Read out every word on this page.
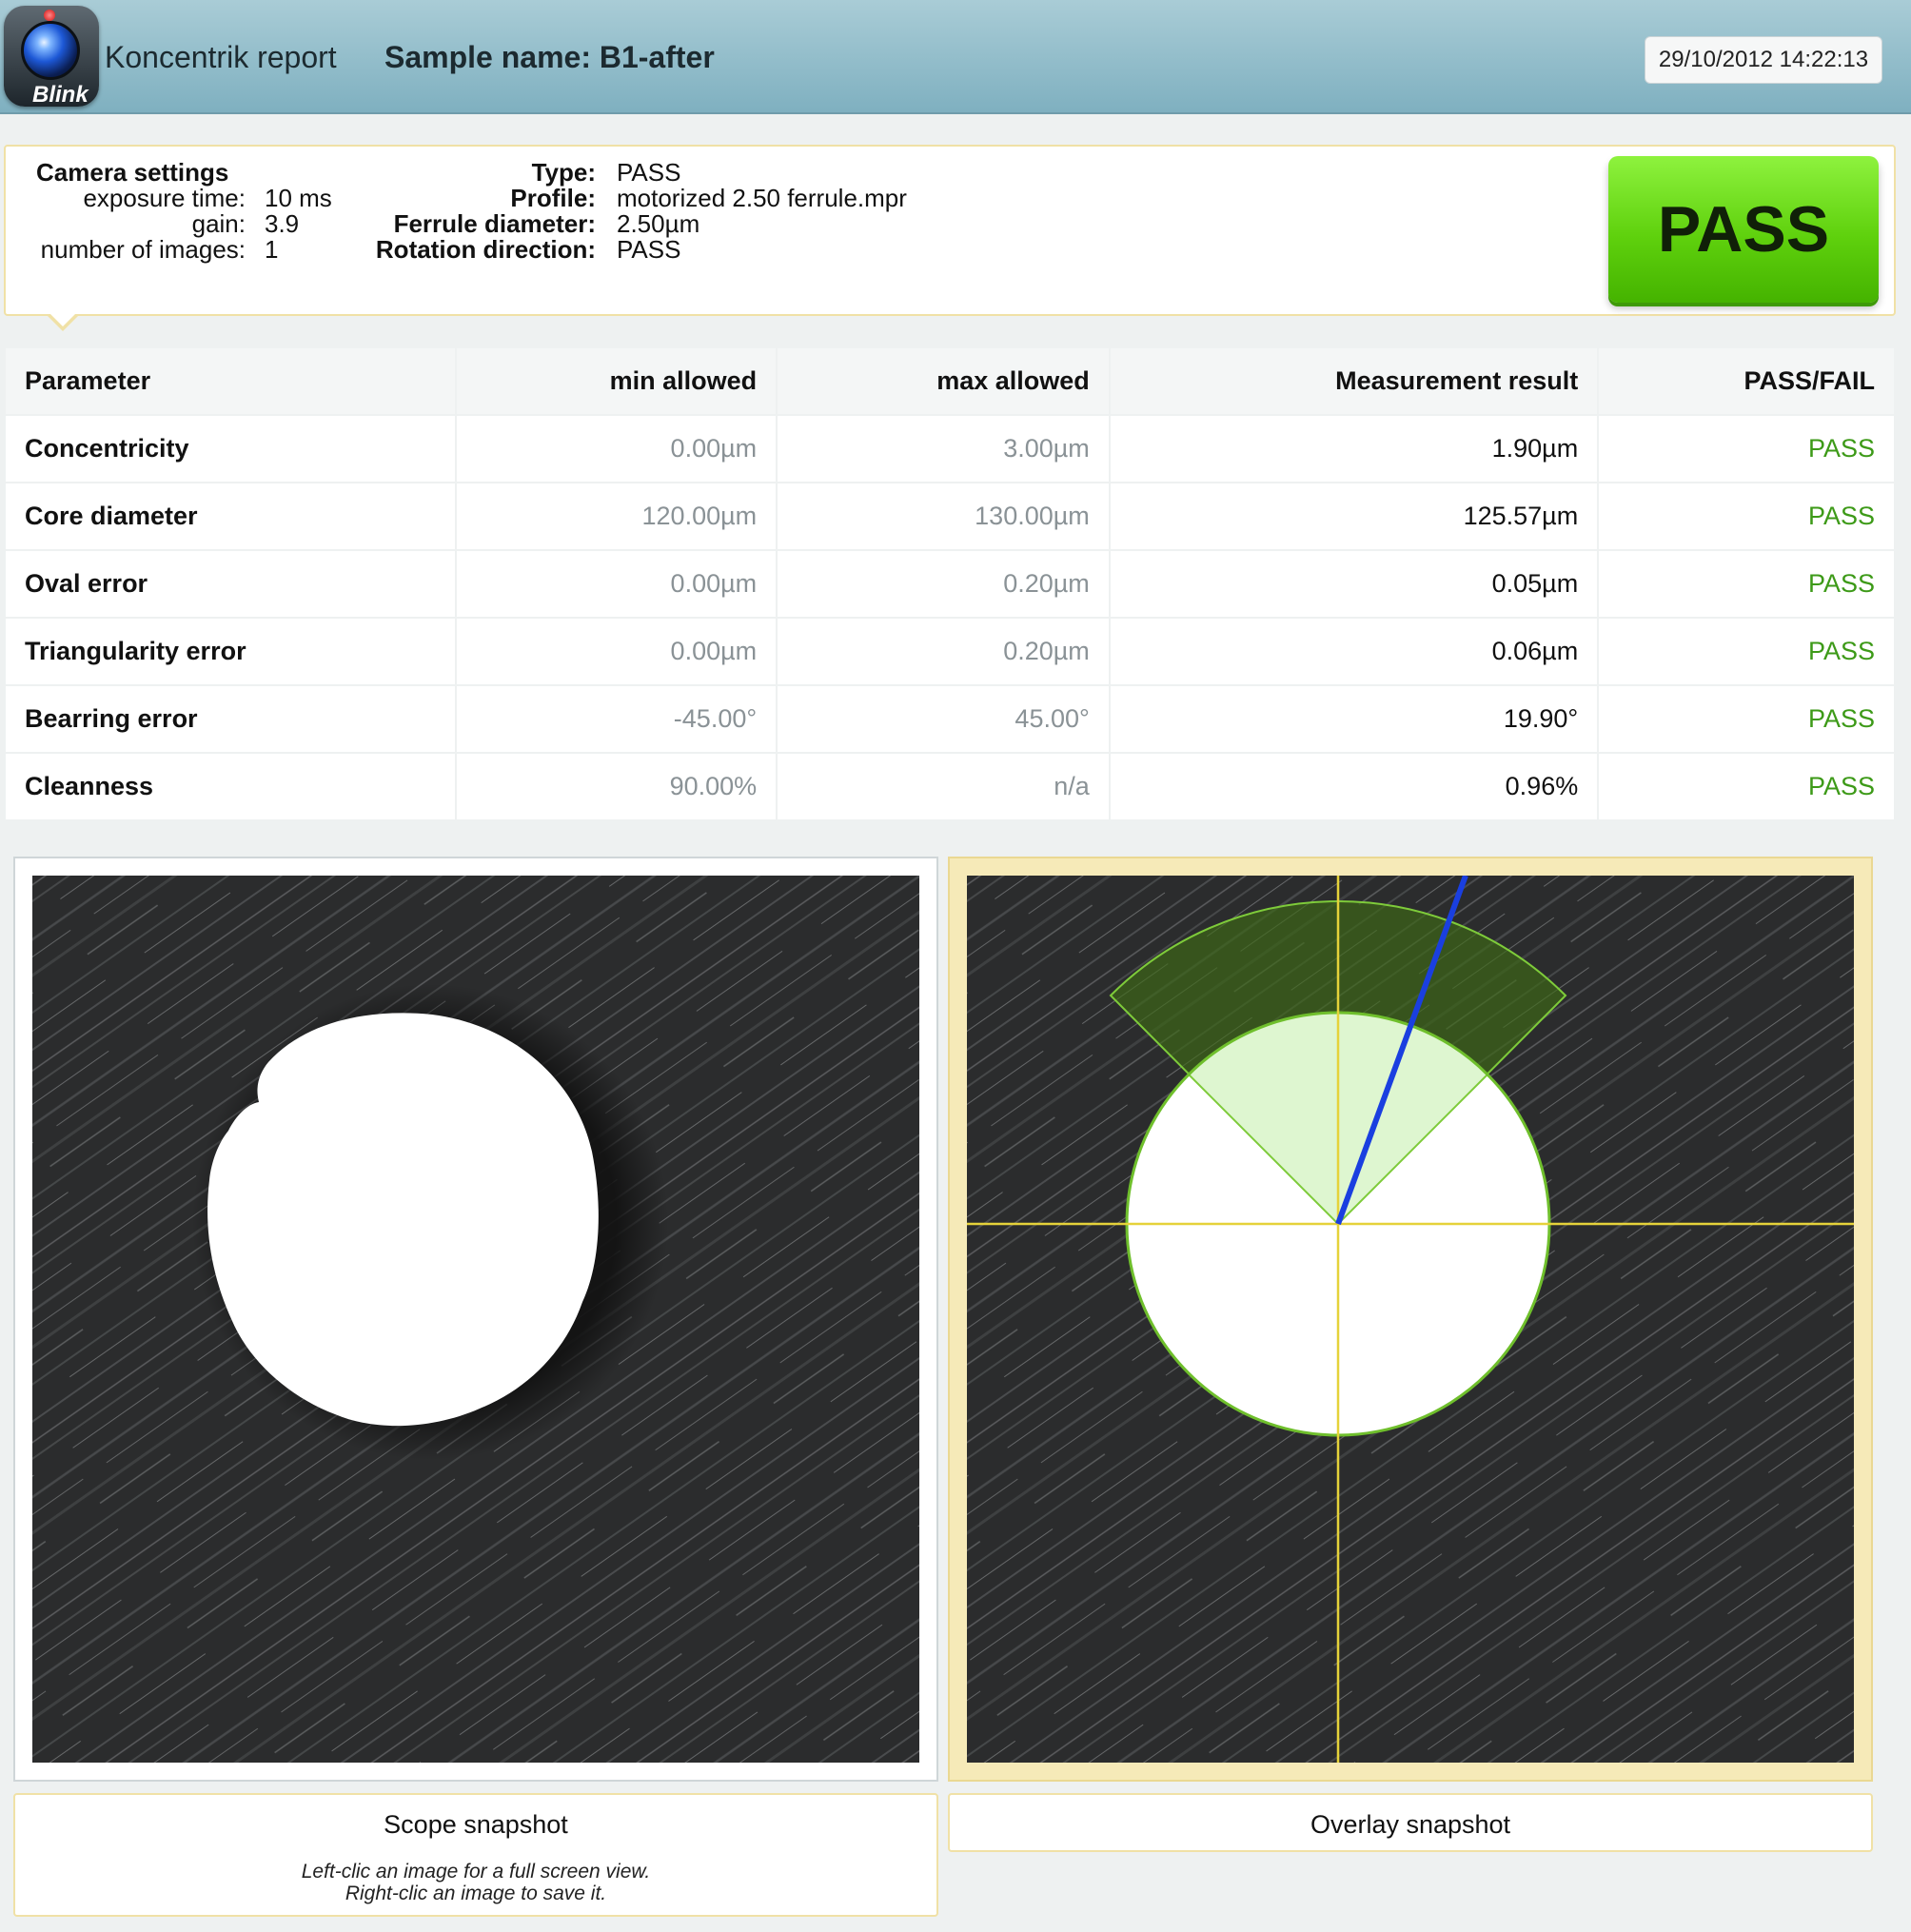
Blink
Koncentrik report Sample name: B1-after	29/10/2012 14:22:13
Camera settings
exposure time: 10 ms
gain: 3.9
number of images: 1
Type: PASS
Profile: motorized 2.50 ferrule.mpr
Ferrule diameter: 2.50µm
Rotation direction: PASS	PASS
Parameter	min allowed	max allowed	Measurement result	PASS/FAIL
Concentricity	0.00µm	3.00µm	1.90µm	PASS
Core diameter	120.00µm	130.00µm	125.57µm	PASS
Oval error	0.00µm	0.20µm	0.05µm	PASS
Triangularity error	0.00µm	0.20µm	0.06µm	PASS
Bearring error	-45.00°	45.00°	19.90°	PASS
Cleanness	90.00%	n/a	0.96%	PASS
Scope snapshot
Left-clic an image for a full screen view.
Right-clic an image to save it.
Overlay snapshot
